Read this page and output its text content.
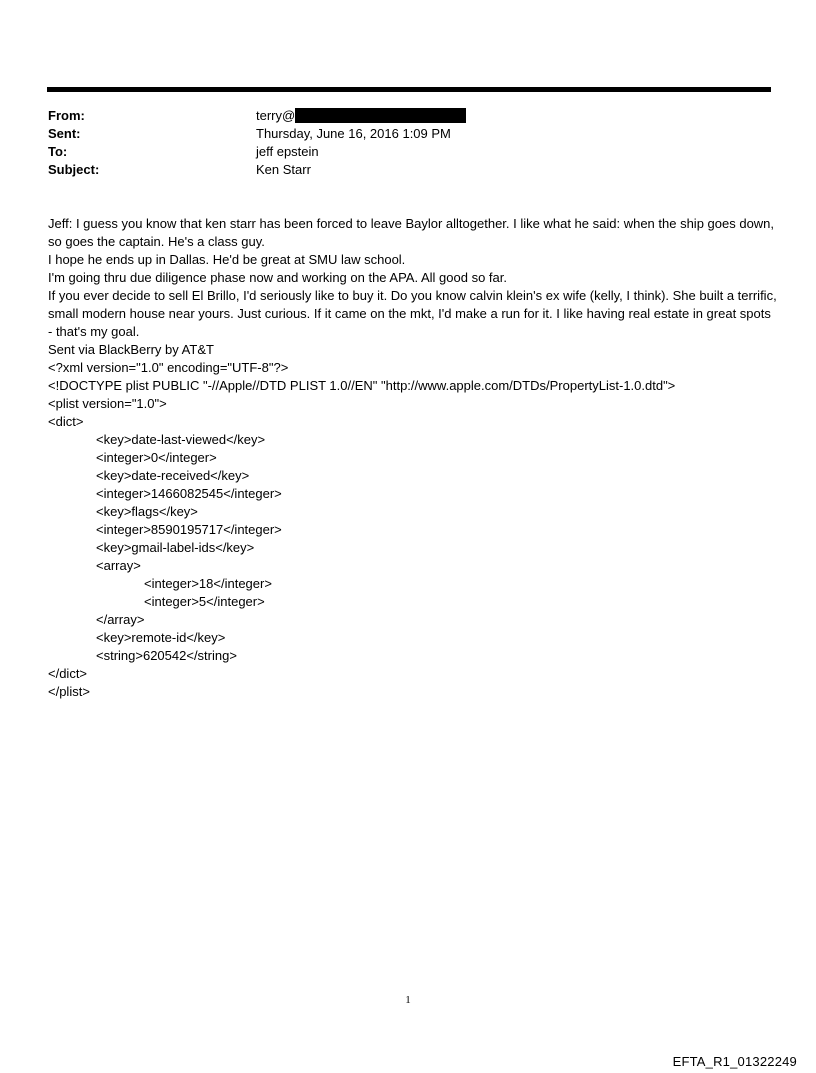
From:	terry@
Sent:	Thursday, June 16, 2016 1:09 PM
To:	jeff epstein
Subject:	Ken Starr

Jeff: I guess you know that ken starr has been forced to leave Baylor alltogether. I like what he said: when the ship goes down, so goes the captain. He's a class guy.

I hope he ends up in Dallas. He'd be great at SMU law school.

I'm going thru due diligence phase now and working on the APA. All good so far.

If you ever decide to sell El Brillo, I'd seriously like to buy it. Do you know calvin klein's ex wife (kelly, I think). She built a terrific, small modern house near yours. Just curious. If it came on the mkt, I'd make a run for it. I like having real estate in great spots - that's my goal.

Sent via BlackBerry by AT&T

<?xml version="1.0" encoding="UTF-8"?>
<!DOCTYPE plist PUBLIC "-//Apple//DTD PLIST 1.0//EN" "http://www.apple.com/DTDs/PropertyList-1.0.dtd">
<plist version="1.0">
<dict>
<key>date-last-viewed</key>
<integer>0</integer>
<key>date-received</key>
<integer>1466082545</integer>
<key>flags</key>
<integer>8590195717</integer>
<key>gmail-label-ids</key>
<array>
<integer>18</integer>
<integer>5</integer>
</array>
<key>remote-id</key>
<string>620542</string>
</dict>
</plist>
1
EFTA_R1_01322249
